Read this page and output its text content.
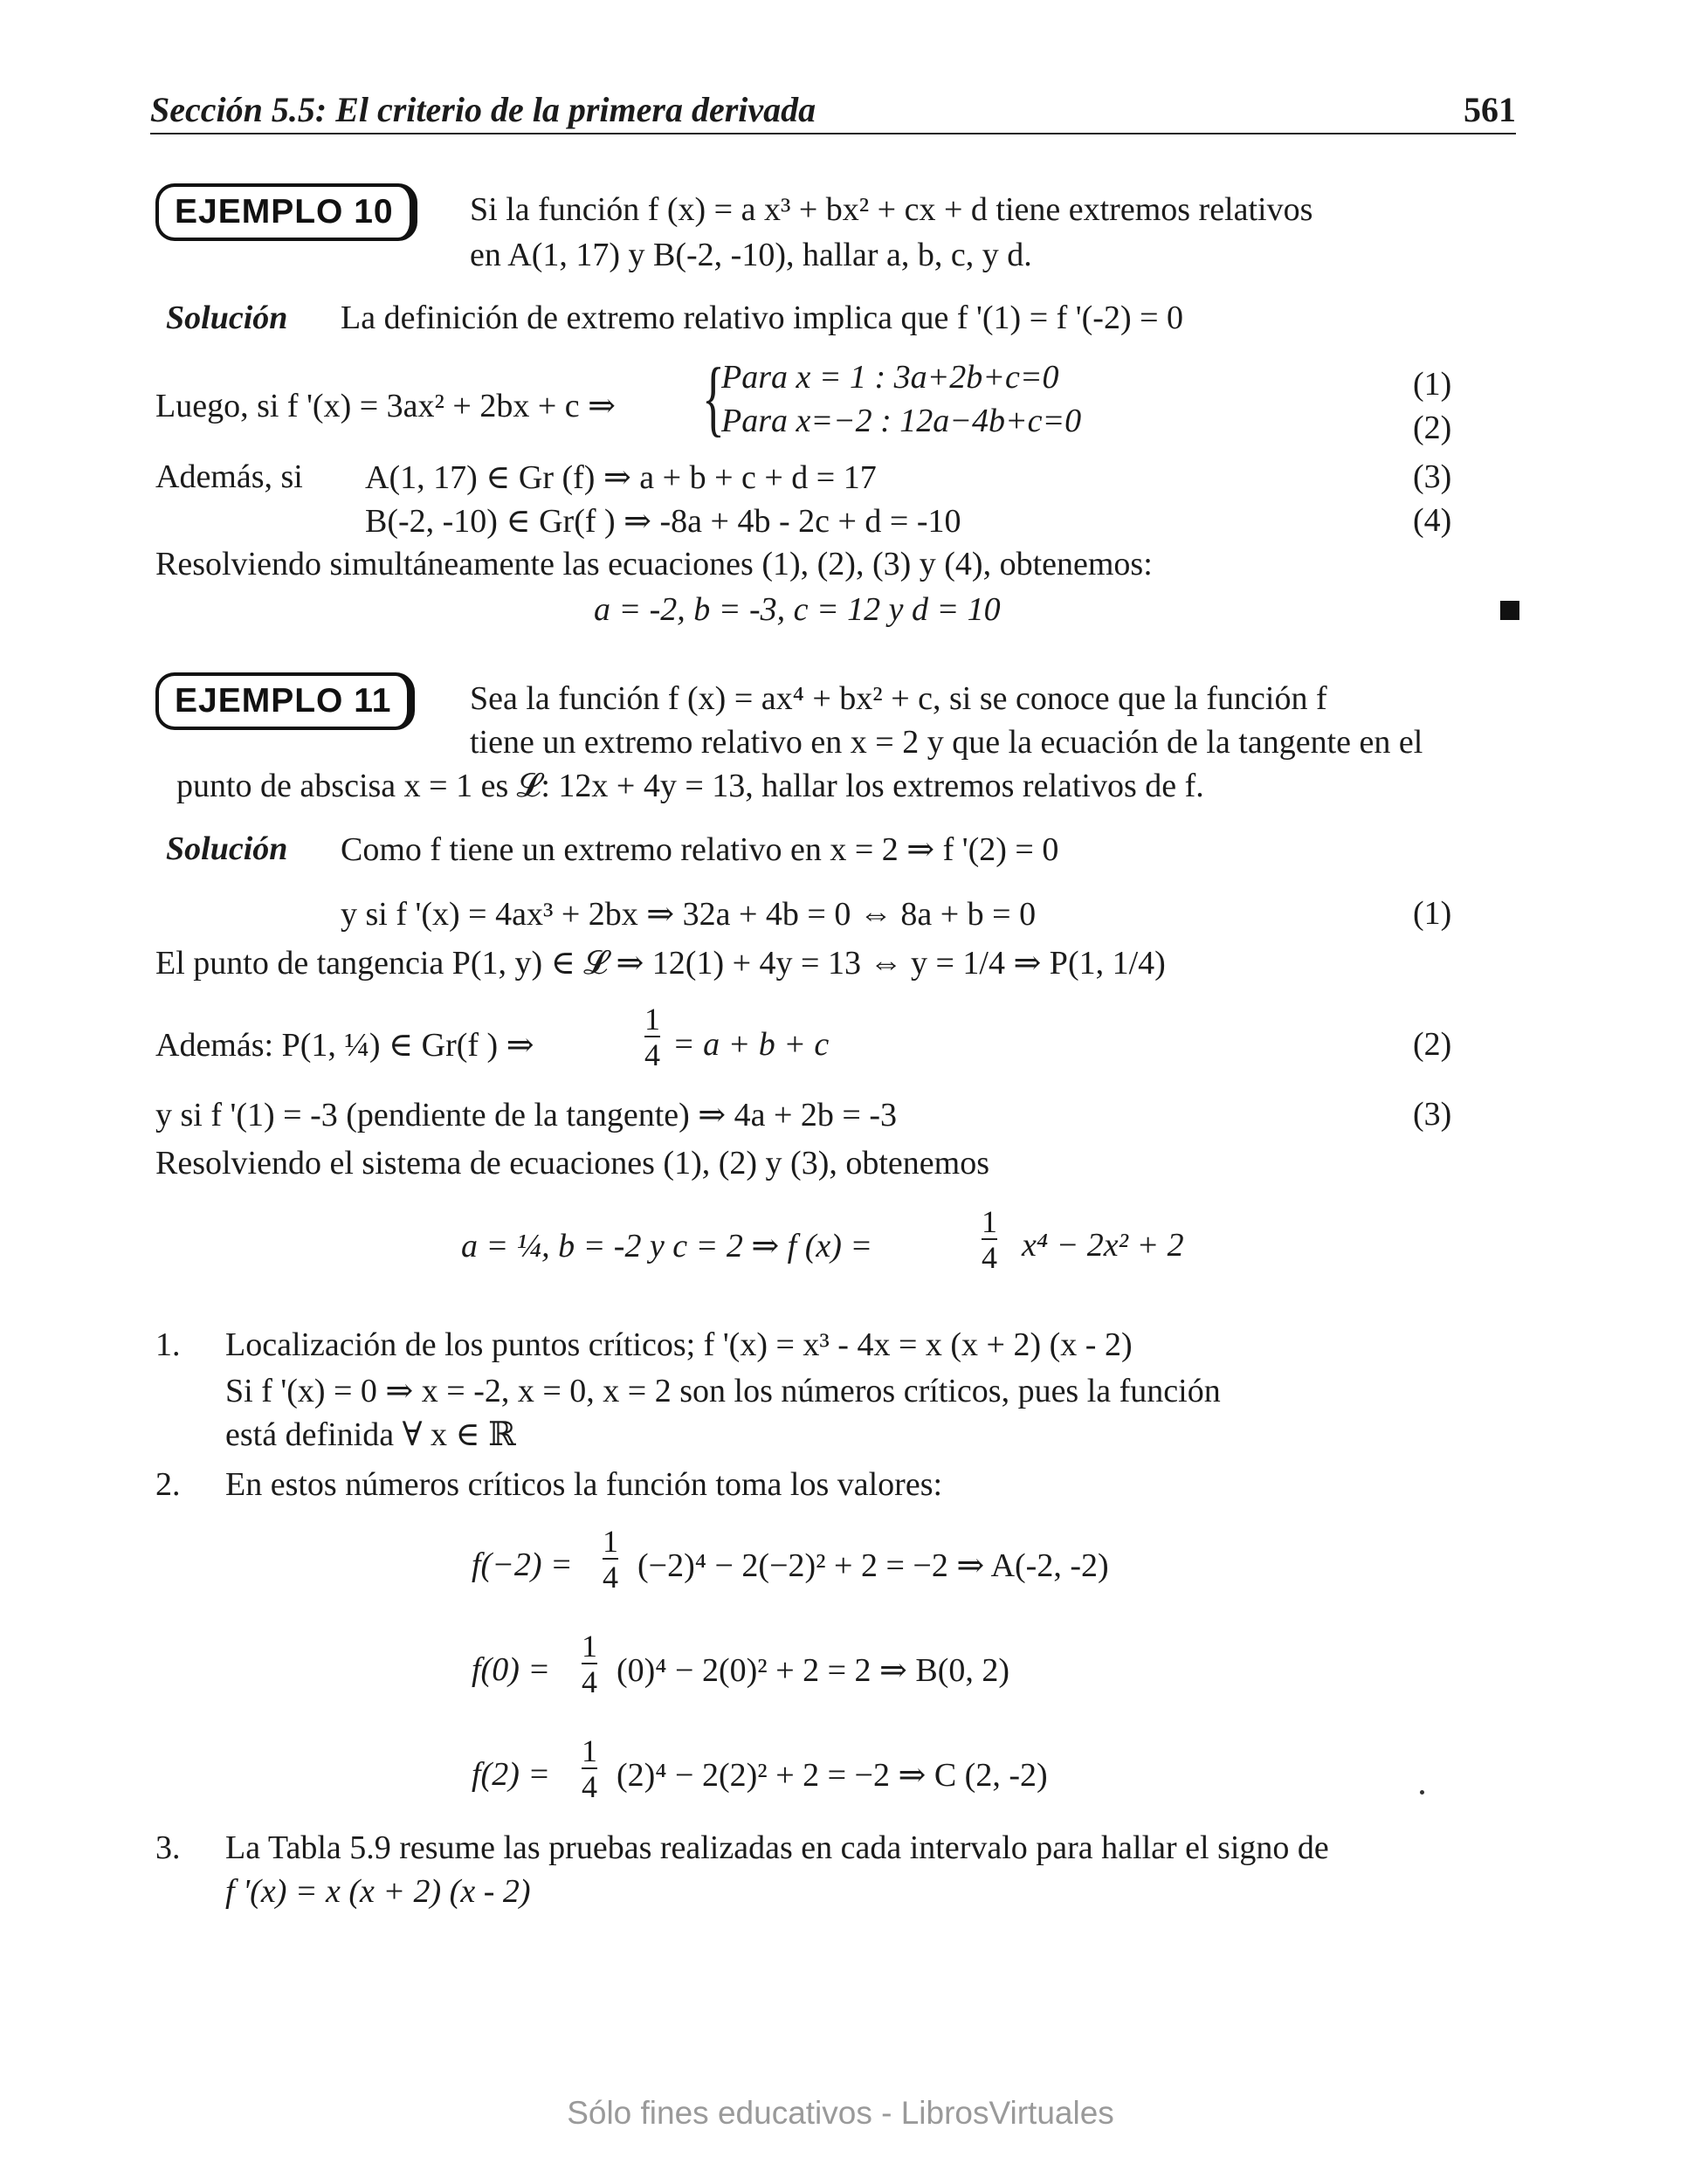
Sección 5.5: El criterio de la primera derivada	561
EJEMPLO 10	Si la función f (x) = a x³ + bx² + cx + d tiene extremos relativos
en A(1, 17) y B(-2, -10), hallar a, b, c, y d.
Solución La definición de extremo relativo implica que f '(1) = f '(-2) = 0
Luego, si f '(x) = 3ax² + 2bx + c ⇒ {
Para x = 1 : 3a+2b+c=0
Para x=−2 : 12a−4b+c=0
(1)
(2)
Además, si A(1, 17) ∈ Gr (f) ⇒ a + b + c + d = 17
B(-2, -10) ∈ Gr(f ) ⇒ -8a + 4b - 2c + d = -10
(3)
(4)
Resolviendo simultáneamente las ecuaciones (1), (2), (3) y (4), obtenemos:
a = -2, b = -3, c = 12 y d = 10
EJEMPLO 11	Sea la función f (x) = ax⁴ + bx² + c, si se conoce que la función f
tiene un extremo relativo en x = 2 y que la ecuación de la tangente en el
punto de abscisa x = 1 es 𝓛: 12x + 4y = 13, hallar los extremos relativos de f.
Solución Como f tiene un extremo relativo en x = 2 ⇒ f '(2) = 0
y si f '(x) = 4ax³ + 2bx ⇒ 32a + 4b = 0 ⇔ 8a + b = 0	(1)
El punto de tangencia P(1, y) ∈ 𝓛 ⇒ 12(1) + 4y = 13 ⇔ y = 1/4 ⇒ P(1, 1/4)
Además: P(1, ¼) ∈ Gr(f ) ⇒
1
4 = a + b + c	(2)
y si f '(1) = -3 (pendiente de la tangente) ⇒ 4a + 2b = -3	(3)
Resolviendo el sistema de ecuaciones (1), (2) y (3), obtenemos
a = ¼, b = -2 y c = 2 ⇒ f (x) =
1
4 x⁴ − 2x² + 2
1. Localización de los puntos críticos; f '(x) = x³ - 4x = x (x + 2) (x - 2)
Si f '(x) = 0 ⇒ x = -2, x = 0, x = 2 son los números críticos, pues la función
está definida ∀ x ∈ ℝ
2. En estos números críticos la función toma los valores:
f(−2) =
1
4 (−2)⁴ − 2(−2)² + 2 = −2 ⇒ A(-2, -2)
f(0) =
1
4 (0)⁴ − 2(0)² + 2 = 2 ⇒ B(0, 2)
f(2) =
1
4 (2)⁴ − 2(2)² + 2 = −2 ⇒ C (2, -2)
3. La Tabla 5.9 resume las pruebas realizadas en cada intervalo para hallar el signo de
f '(x) = x (x + 2) (x - 2)
Sólo fines educativos - LibrosVirtuales
